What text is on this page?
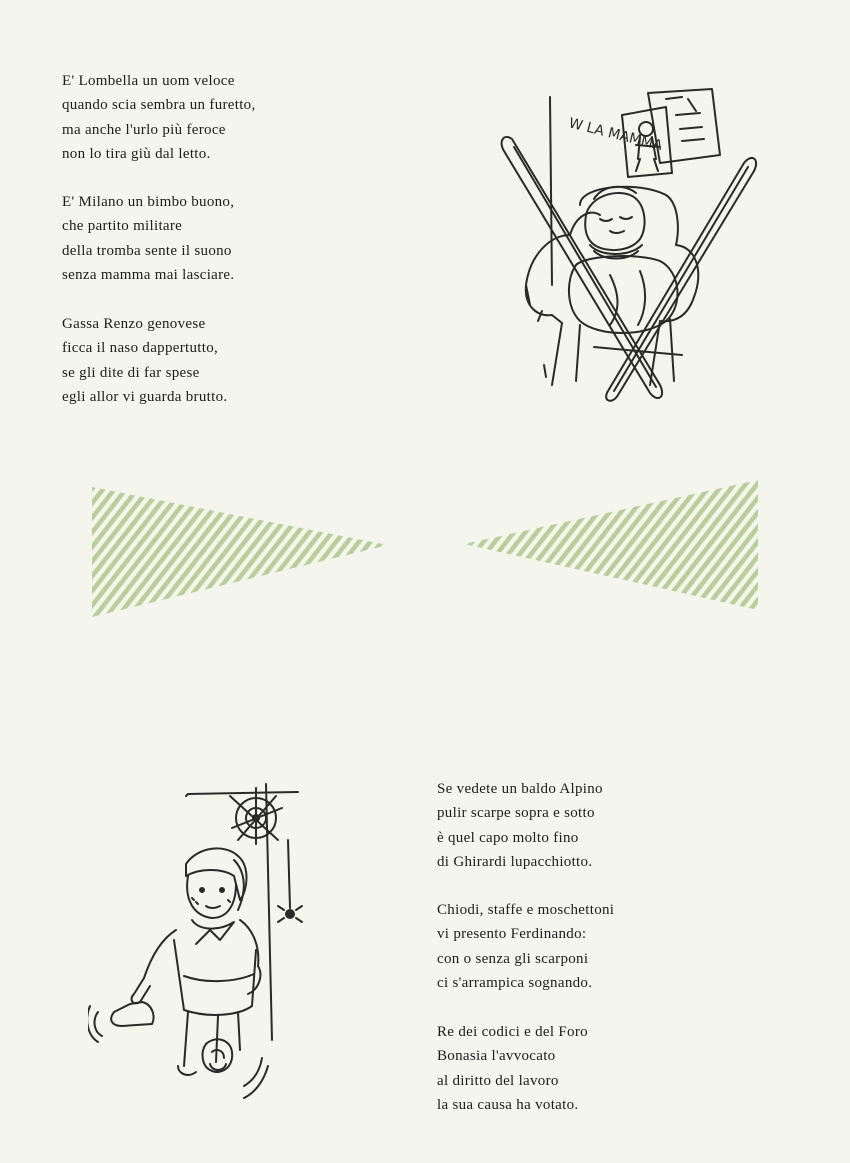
E' Lombella un uom veloce
quando scia sembra un furetto,
ma anche l'urlo più feroce
non lo tira giù dal letto.

E' Milano un bimbo buono,
che partito militare
della tromba sente il suono
senza mamma mai lasciare.

Gassa Renzo genovese
ficca il naso dappertutto,
se gli dite di far spese
egli allor vi guarda brutto.

W LA MAMMA

Se vedete un baldo Alpino
pulir scarpe sopra e sotto
è quel capo molto fino
di Ghirardi lupacchiotto.

Chiodi, staffe e moschettoni
vi presento Ferdinando:
con o senza gli scarponi
ci s'arrampica sognando.

Re dei codici e del Foro
Bonasia l'avvocato
al diritto del lavoro
la sua causa ha votato.
